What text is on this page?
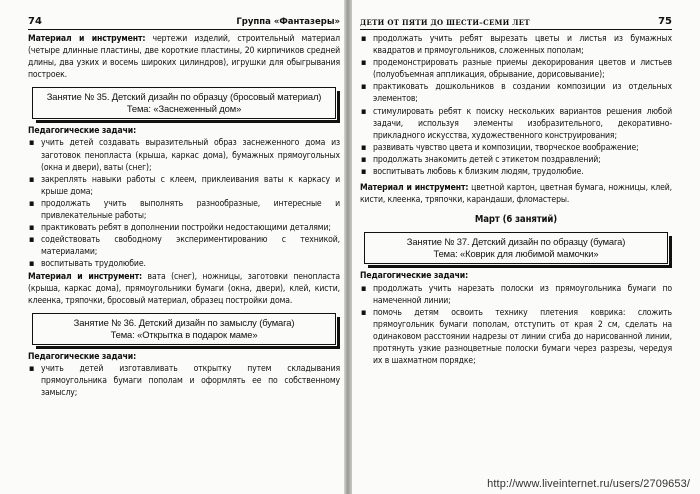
74	Группа «Фантазеры»

Материал и инструмент: чертежи изделий, строительный материал (четыре длинные пластины, две короткие пластины, 20 кирпичиков средней длины, два узких и восемь широких цилиндров), игрушки для обыгрывания построек.

Занятие № 35. Детский дизайн по образцу (бросовый материал)
Тема: «Заснеженный дом»
Педагогические задачи:
▪ учить детей создавать выразительный образ заснеженного дома из заготовок пенопласта (крыша, каркас дома), бумажных прямоугольных (окна и двери), ваты (снег);
▪ закреплять навыки работы с клеем, приклеивания ваты к каркасу и крыше дома;
▪ продолжать учить выполнять разнообразные, интересные и привлекательные работы;
▪ практиковать ребят в дополнении постройки недостающими деталями;
▪ содействовать свободному экспериментированию с техникой, материалами;
▪ воспитывать трудолюбие.

Материал и инструмент: вата (снег), ножницы, заготовки пенопласта (крыша, каркас дома), прямоугольники бумаги (окна, двери), клей, кисти, клеенка, тряпочки, бросовый материал, образец постройки дома.

Занятие № 36. Детский дизайн по замыслу (бумага)
Тема: «Открытка в подарок маме»
Педагогические задачи:
▪ учить детей изготавливать открытку путем складывания прямоугольника бумаги пополам и оформлять ее по собственному замыслу;
ДЕТИ ОТ ПЯТИ ДО ШЕСТИ–СЕМИ ЛЕТ	75
▪ продолжать учить ребят вырезать цветы и листья из бумажных квадратов и прямоугольников, сложенных пополам;
▪ продемонстрировать разные приемы декорирования цветов и листьев (полуобъемная аппликация, обрывание, дорисовывание);
▪ практиковать дошкольников в создании композиции из отдельных элементов;
▪ стимулировать ребят к поиску нескольких вариантов решения любой задачи, используя элементы изобразительного, декоративно-прикладного искусства, художественного конструирования;
▪ развивать чувство цвета и композиции, творческое воображение;
▪ продолжать знакомить детей с этикетом поздравлений;
▪ воспитывать любовь к близким людям, трудолюбие.

Материал и инструмент: цветной картон, цветная бумага, ножницы, клей, кисти, клеенка, тряпочки, карандаши, фломастеры.

Март (6 занятий)
Занятие № 37. Детский дизайн по образцу (бумага)
Тема: «Коврик для любимой мамочки»
Педагогические задачи:
▪ продолжать учить нарезать полоски из прямоугольника бумаги по намеченной линии;
▪ помочь детям освоить технику плетения коврика: сложить прямоугольник бумаги пополам, отступить от края 2 см, сделать на одинаковом расстоянии надрезы от линии сгиба до нарисованной линии, протянуть узкие разноцветные полоски бумаги через разрезы, чередуя их в шахматном порядке;
http://www.liveinternet.ru/users/2709653/
